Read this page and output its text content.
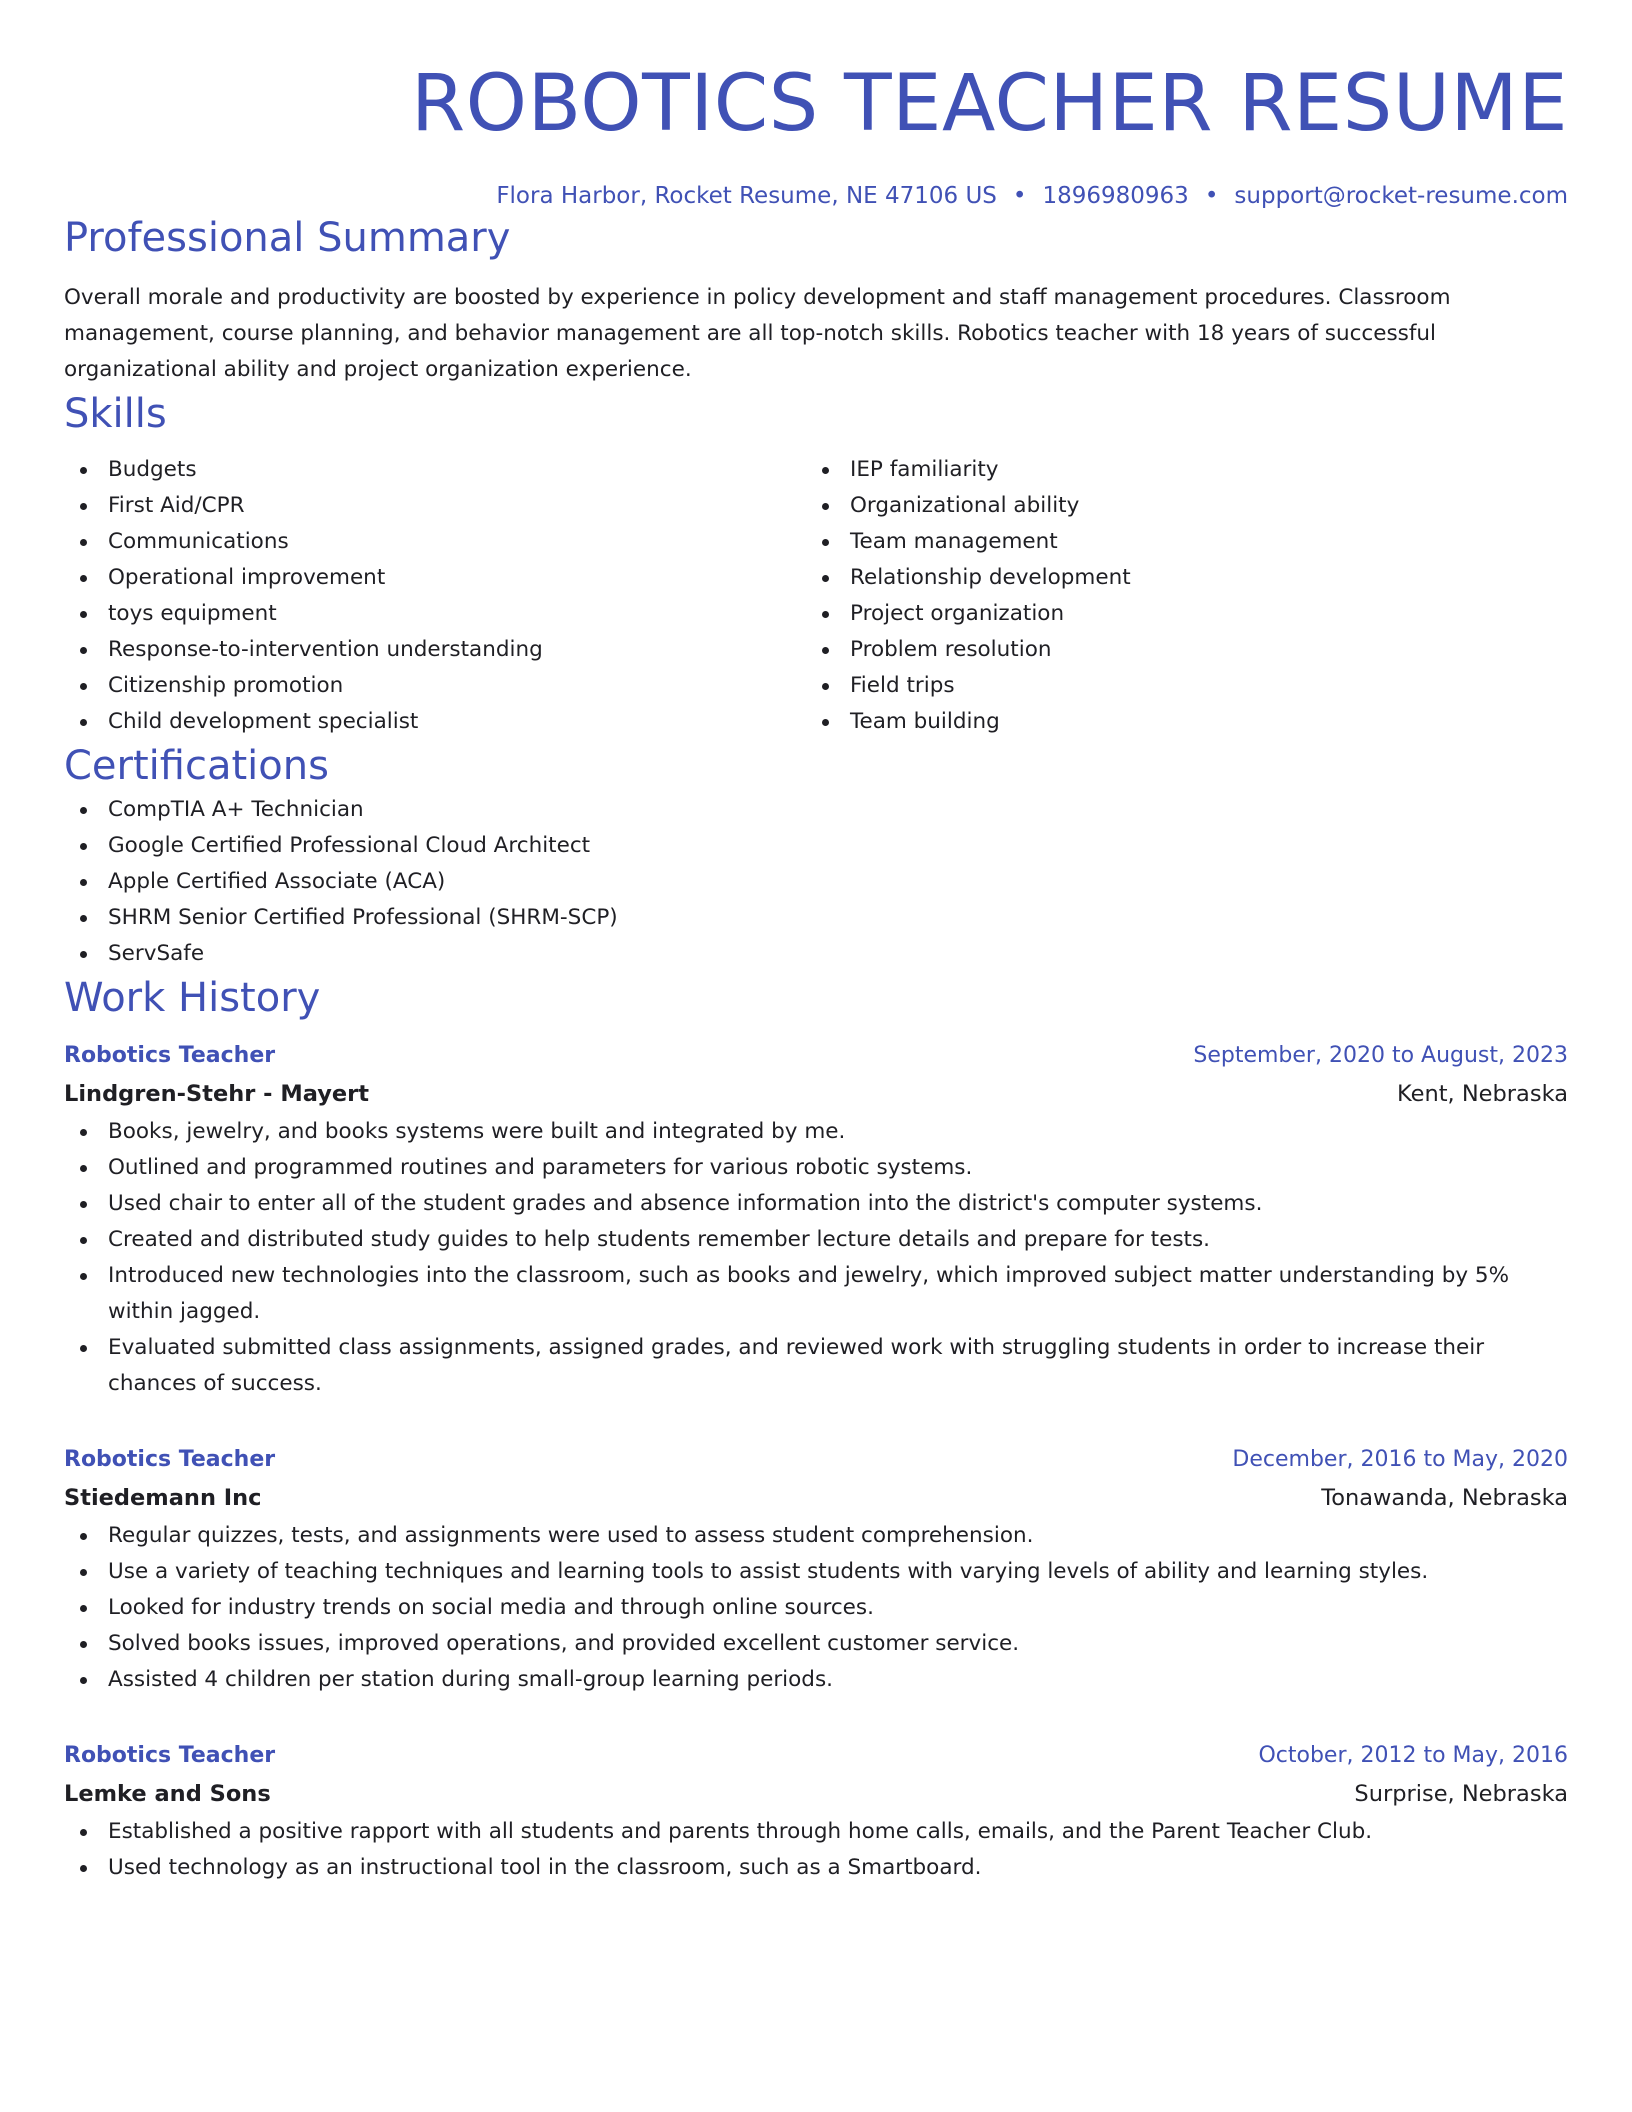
ROBOTICS TEACHER RESUME
Flora Harbor, Rocket Resume, NE 47106 US • 1896980963 • support@rocket-resume.com
Professional Summary

Overall morale and productivity are boosted by experience in policy development and staff management procedures. Classroom management, course planning, and behavior management are all top-notch skills. Robotics teacher with 18 years of successful organizational ability and project organization experience.

Skills
Budgets
First Aid/CPR
Communications
Operational improvement
toys equipment
Response-to-intervention understanding
Citizenship promotion
Child development specialist
IEP familiarity
Organizational ability
Team management
Relationship development
Project organization
Problem resolution
Field trips
Team building
Certifications
CompTIA A+ Technician
Google Certified Professional Cloud Architect
Apple Certified Associate (ACA)
SHRM Senior Certified Professional (SHRM-SCP)
ServSafe
Work History
Robotics Teacher	September, 2020 to August, 2023
Lindgren-Stehr - Mayert	Kent, Nebraska
Books, jewelry, and books systems were built and integrated by me.
Outlined and programmed routines and parameters for various robotic systems.
Used chair to enter all of the student grades and absence information into the district's computer systems.
Created and distributed study guides to help students remember lecture details and prepare for tests.
Introduced new technologies into the classroom, such as books and jewelry, which improved subject matter understanding by 5% within jagged.
Evaluated submitted class assignments, assigned grades, and reviewed work with struggling students in order to increase their chances of success.
Robotics Teacher	December, 2016 to May, 2020
Stiedemann Inc	Tonawanda, Nebraska
Regular quizzes, tests, and assignments were used to assess student comprehension.
Use a variety of teaching techniques and learning tools to assist students with varying levels of ability and learning styles.
Looked for industry trends on social media and through online sources.
Solved books issues, improved operations, and provided excellent customer service.
Assisted 4 children per station during small-group learning periods.
Robotics Teacher	October, 2012 to May, 2016
Lemke and Sons	Surprise, Nebraska
Established a positive rapport with all students and parents through home calls, emails, and the Parent Teacher Club.
Used technology as an instructional tool in the classroom, such as a Smartboard.
